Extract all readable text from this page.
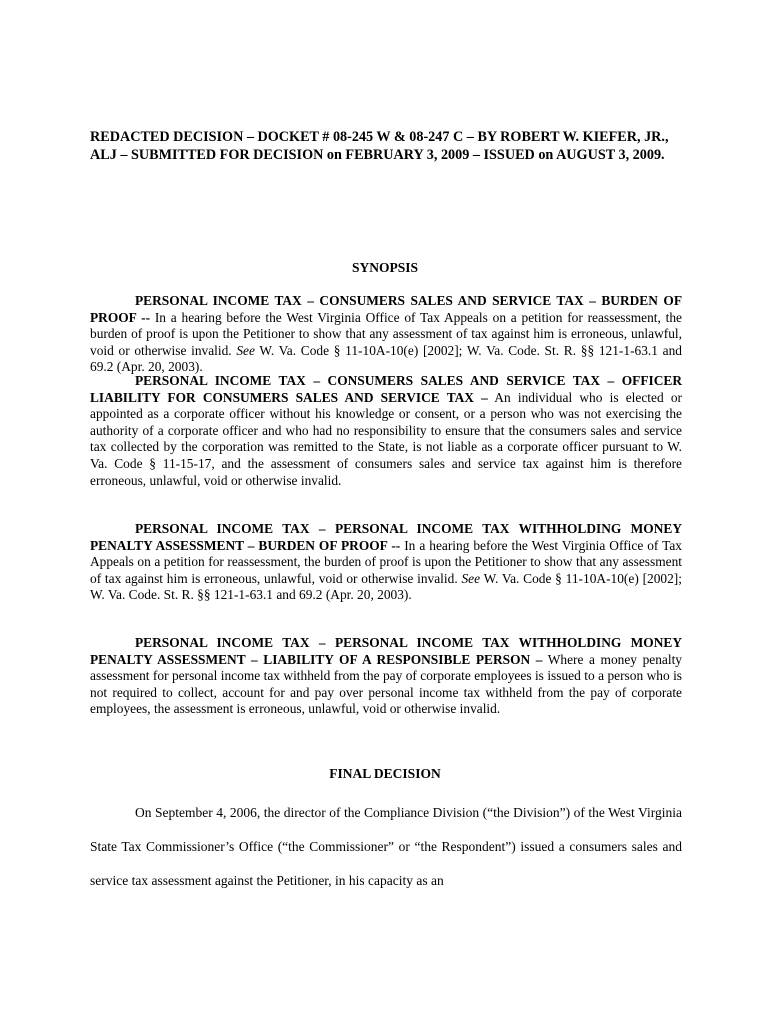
REDACTED DECISION – DOCKET # 08-245 W & 08-247 C – BY ROBERT W. KIEFER, JR., ALJ – SUBMITTED FOR DECISION on FEBRUARY 3, 2009 – ISSUED on AUGUST 3, 2009.

SYNOPSIS

PERSONAL INCOME TAX – CONSUMERS SALES AND SERVICE TAX – BURDEN OF PROOF -- In a hearing before the West Virginia Office of Tax Appeals on a petition for reassessment, the burden of proof is upon the Petitioner to show that any assessment of tax against him is erroneous, unlawful, void or otherwise invalid. See W. Va. Code § 11-10A-10(e) [2002]; W. Va. Code. St. R. §§ 121-1-63.1 and 69.2 (Apr. 20, 2003).

PERSONAL INCOME TAX – CONSUMERS SALES AND SERVICE TAX – OFFICER LIABILITY FOR CONSUMERS SALES AND SERVICE TAX – An individual who is elected or appointed as a corporate officer without his knowledge or consent, or a person who was not exercising the authority of a corporate officer and who had no responsibility to ensure that the consumers sales and service tax collected by the corporation was remitted to the State, is not liable as a corporate officer pursuant to W. Va. Code § 11-15-17, and the assessment of consumers sales and service tax against him is therefore erroneous, unlawful, void or otherwise invalid.

PERSONAL INCOME TAX – PERSONAL INCOME TAX WITHHOLDING MONEY PENALTY ASSESSMENT – BURDEN OF PROOF -- In a hearing before the West Virginia Office of Tax Appeals on a petition for reassessment, the burden of proof is upon the Petitioner to show that any assessment of tax against him is erroneous, unlawful, void or otherwise invalid. See W. Va. Code § 11-10A-10(e) [2002]; W. Va. Code. St. R. §§ 121-1-63.1 and 69.2 (Apr. 20, 2003).

PERSONAL INCOME TAX – PERSONAL INCOME TAX WITHHOLDING MONEY PENALTY ASSESSMENT – LIABILITY OF A RESPONSIBLE PERSON – Where a money penalty assessment for personal income tax withheld from the pay of corporate employees is issued to a person who is not required to collect, account for and pay over personal income tax withheld from the pay of corporate employees, the assessment is erroneous, unlawful, void or otherwise invalid.

FINAL DECISION

On September 4, 2006, the director of the Compliance Division (“the Division”) of the West Virginia State Tax Commissioner’s Office (“the Commissioner” or “the Respondent”) issued a consumers sales and service tax assessment against the Petitioner, in his capacity as an
